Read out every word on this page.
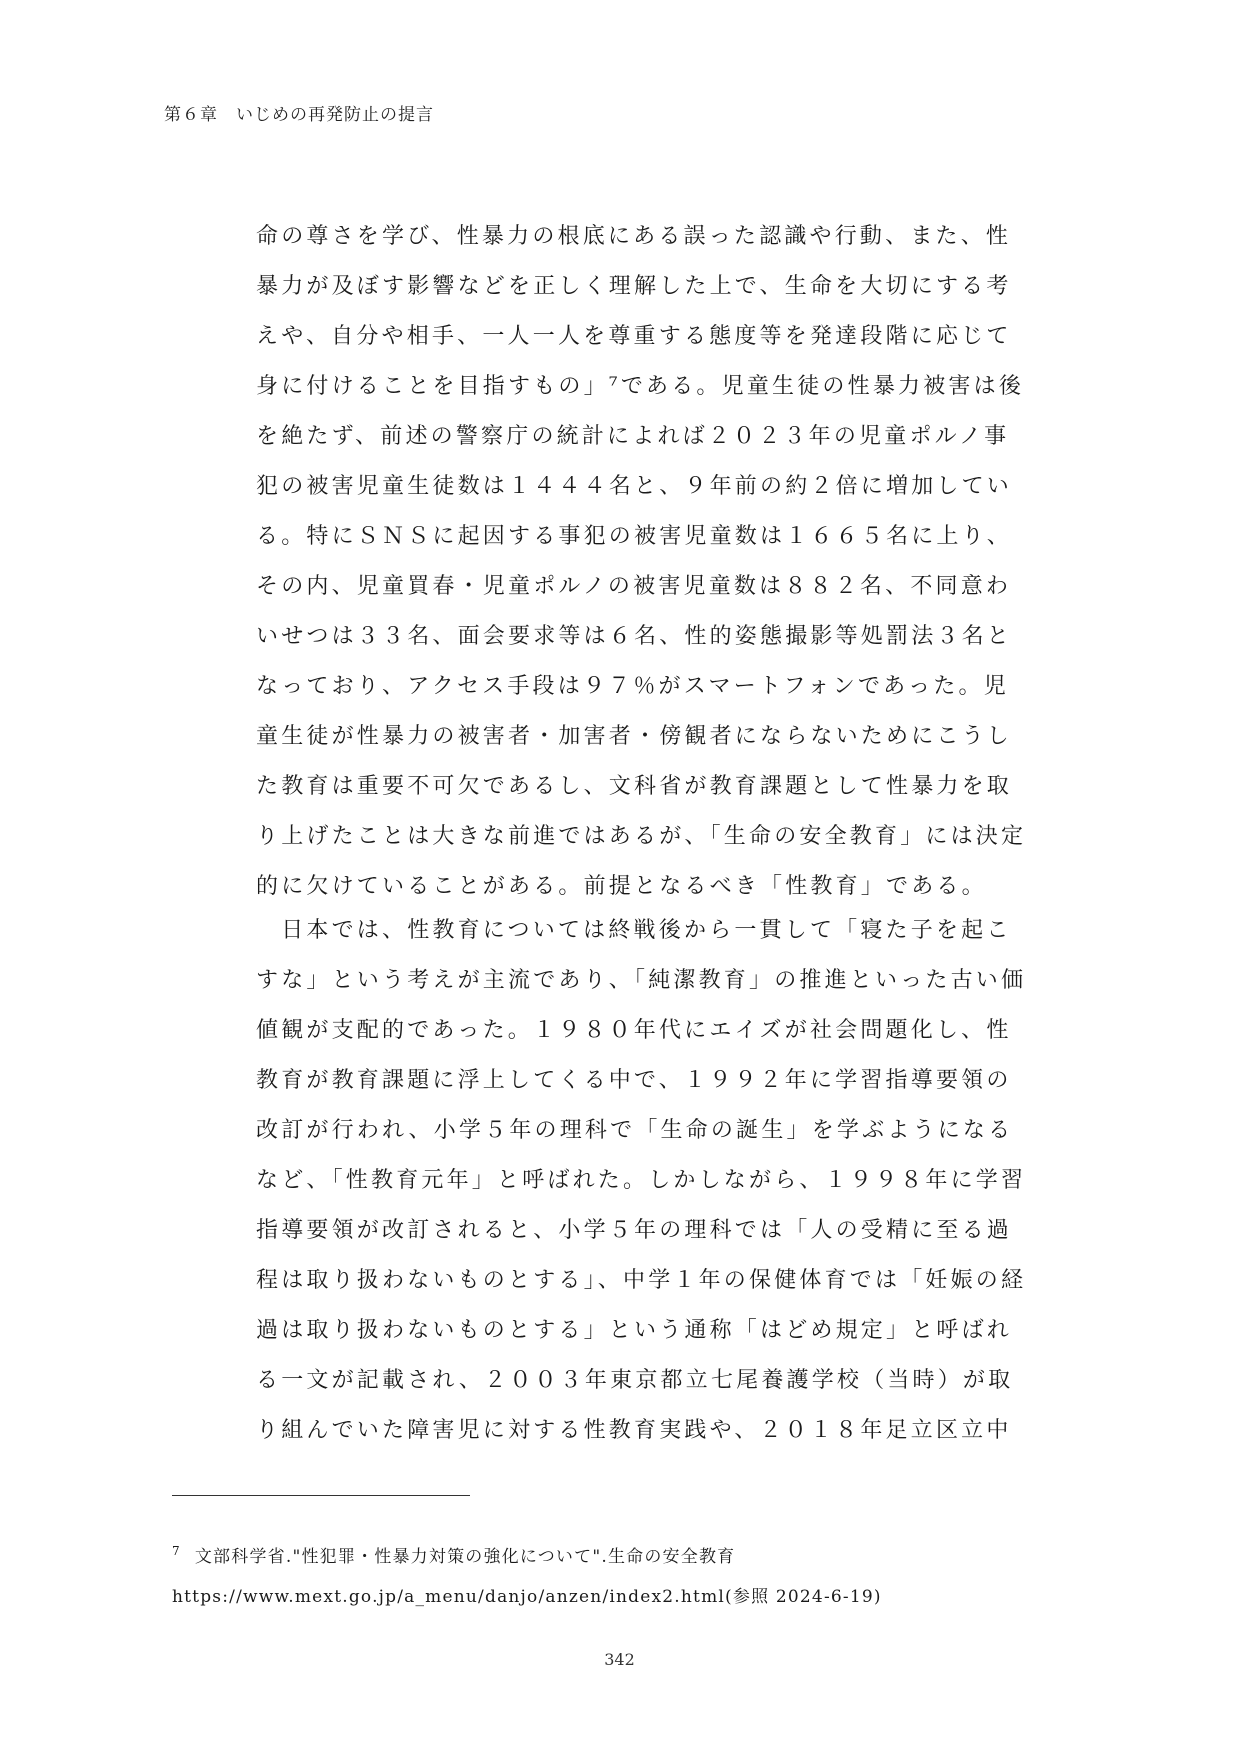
第６章　いじめの再発防止の提言
命の尊さを学び、性暴力の根底にある誤った認識や行動、また、性
暴力が及ぼす影響などを正しく理解した上で、生命を大切にする考
えや、自分や相手、一人一人を尊重する態度等を発達段階に応じて
身に付けることを目指すもの」⁷である。児童生徒の性暴力被害は後
を絶たず、前述の警察庁の統計によれば２０２３年の児童ポルノ事
犯の被害児童生徒数は１４４４名と、９年前の約２倍に増加してい
る。特にＳＮＳに起因する事犯の被害児童数は１６６５名に上り、
その内、児童買春・児童ポルノの被害児童数は８８２名、不同意わ
いせつは３３名、面会要求等は６名、性的姿態撮影等処罰法３名と
なっており、アクセス手段は９７％がスマートフォンであった。児
童生徒が性暴力の被害者・加害者・傍観者にならないためにこうし
た教育は重要不可欠であるし、文科省が教育課題として性暴力を取
り上げたことは大きな前進ではあるが、「生命の安全教育」には決定
的に欠けていることがある。前提となるべき「性教育」である。
　日本では、性教育については終戦後から一貫して「寝た子を起こ
すな」という考えが主流であり、「純潔教育」の推進といった古い価
値観が支配的であった。１９８０年代にエイズが社会問題化し、性
教育が教育課題に浮上してくる中で、１９９２年に学習指導要領の
改訂が行われ、小学５年の理科で「生命の誕生」を学ぶようになる
など、「性教育元年」と呼ばれた。しかしながら、１９９８年に学習
指導要領が改訂されると、小学５年の理科では「人の受精に至る過
程は取り扱わないものとする」、中学１年の保健体育では「妊娠の経
過は取り扱わないものとする」という通称「はどめ規定」と呼ばれ
る一文が記載され、２００３年東京都立七尾養護学校（当時）が取
り組んでいた障害児に対する性教育実践や、２０１８年足立区立中
$^7$ 文部科学省."性犯罪・性暴力対策の強化について".生命の安全教育
https://www.mext.go.jp/a_menu/danjo/anzen/index2.html(参照 2024-6-19)
342
